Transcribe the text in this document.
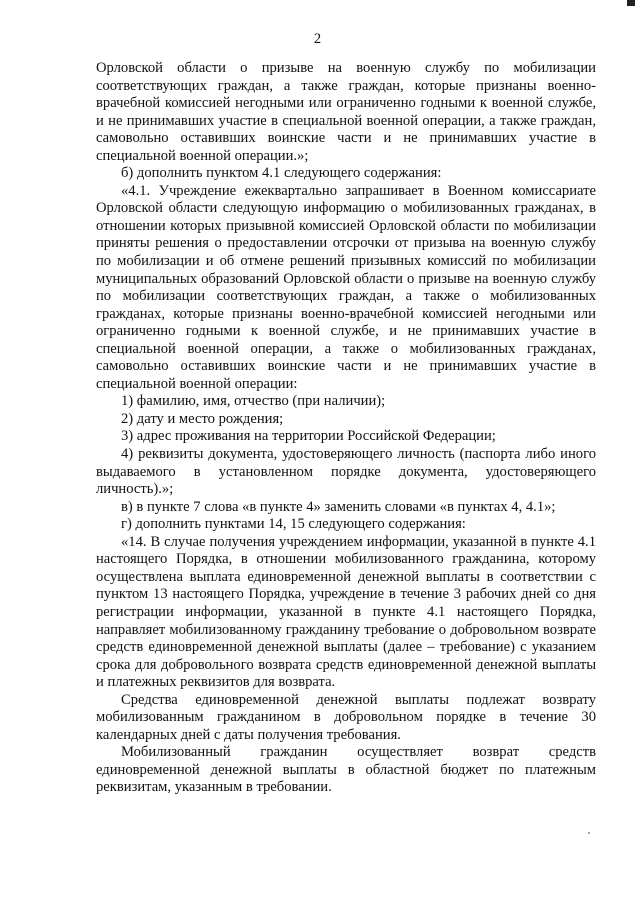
2

Орловской области о призыве на военную службу по мобилизации соответствующих граждан, а также граждан, которые признаны военно-врачебной комиссией негодными или ограниченно годными к военной службе, и не принимавших участие в специальной военной операции, а также граждан, самовольно оставивших воинские части и не принимавших участие в специальной военной операции.»;

б) дополнить пунктом 4.1 следующего содержания:

«4.1. Учреждение ежеквартально запрашивает в Военном комиссариате Орловской области следующую информацию о мобилизованных гражданах, в отношении которых призывной комиссией Орловской области по мобилизации приняты решения о предоставлении отсрочки от призыва на военную службу по мобилизации и об отмене решений призывных комиссий по мобилизации муниципальных образований Орловской области о призыве на военную службу по мобилизации соответствующих граждан, а также о мобилизованных гражданах, которые признаны военно-врачебной комиссией негодными или ограниченно годными к военной службе, и не принимавших участие в специальной военной операции, а также о мобилизованных гражданах, самовольно оставивших воинские части и не принимавших участие в специальной военной операции:

1) фамилию, имя, отчество (при наличии);

2) дату и место рождения;

3) адрес проживания на территории Российской Федерации;

4) реквизиты документа, удостоверяющего личность (паспорта либо иного выдаваемого в установленном порядке документа, удостоверяющего личность).»;

в) в пункте 7 слова «в пункте 4» заменить словами «в пунктах 4, 4.1»;

г) дополнить пунктами 14, 15 следующего содержания:

«14. В случае получения учреждением информации, указанной в пункте 4.1 настоящего Порядка, в отношении мобилизованного гражданина, которому осуществлена выплата единовременной денежной выплаты в соответствии с пунктом 13 настоящего Порядка, учреждение в течение 3 рабочих дней со дня регистрации информации, указанной в пункте 4.1 настоящего Порядка, направляет мобилизованному гражданину требование о добровольном возврате средств единовременной денежной выплаты (далее – требование) с указанием срока для добровольного возврата средств единовременной денежной выплаты и платежных реквизитов для возврата.

Средства единовременной денежной выплаты подлежат возврату мобилизованным гражданином в добровольном порядке в течение 30 календарных дней с даты получения требования.

Мобилизованный гражданин осуществляет возврат средств единовременной денежной выплаты в областной бюджет по платежным реквизитам, указанным в требовании.
